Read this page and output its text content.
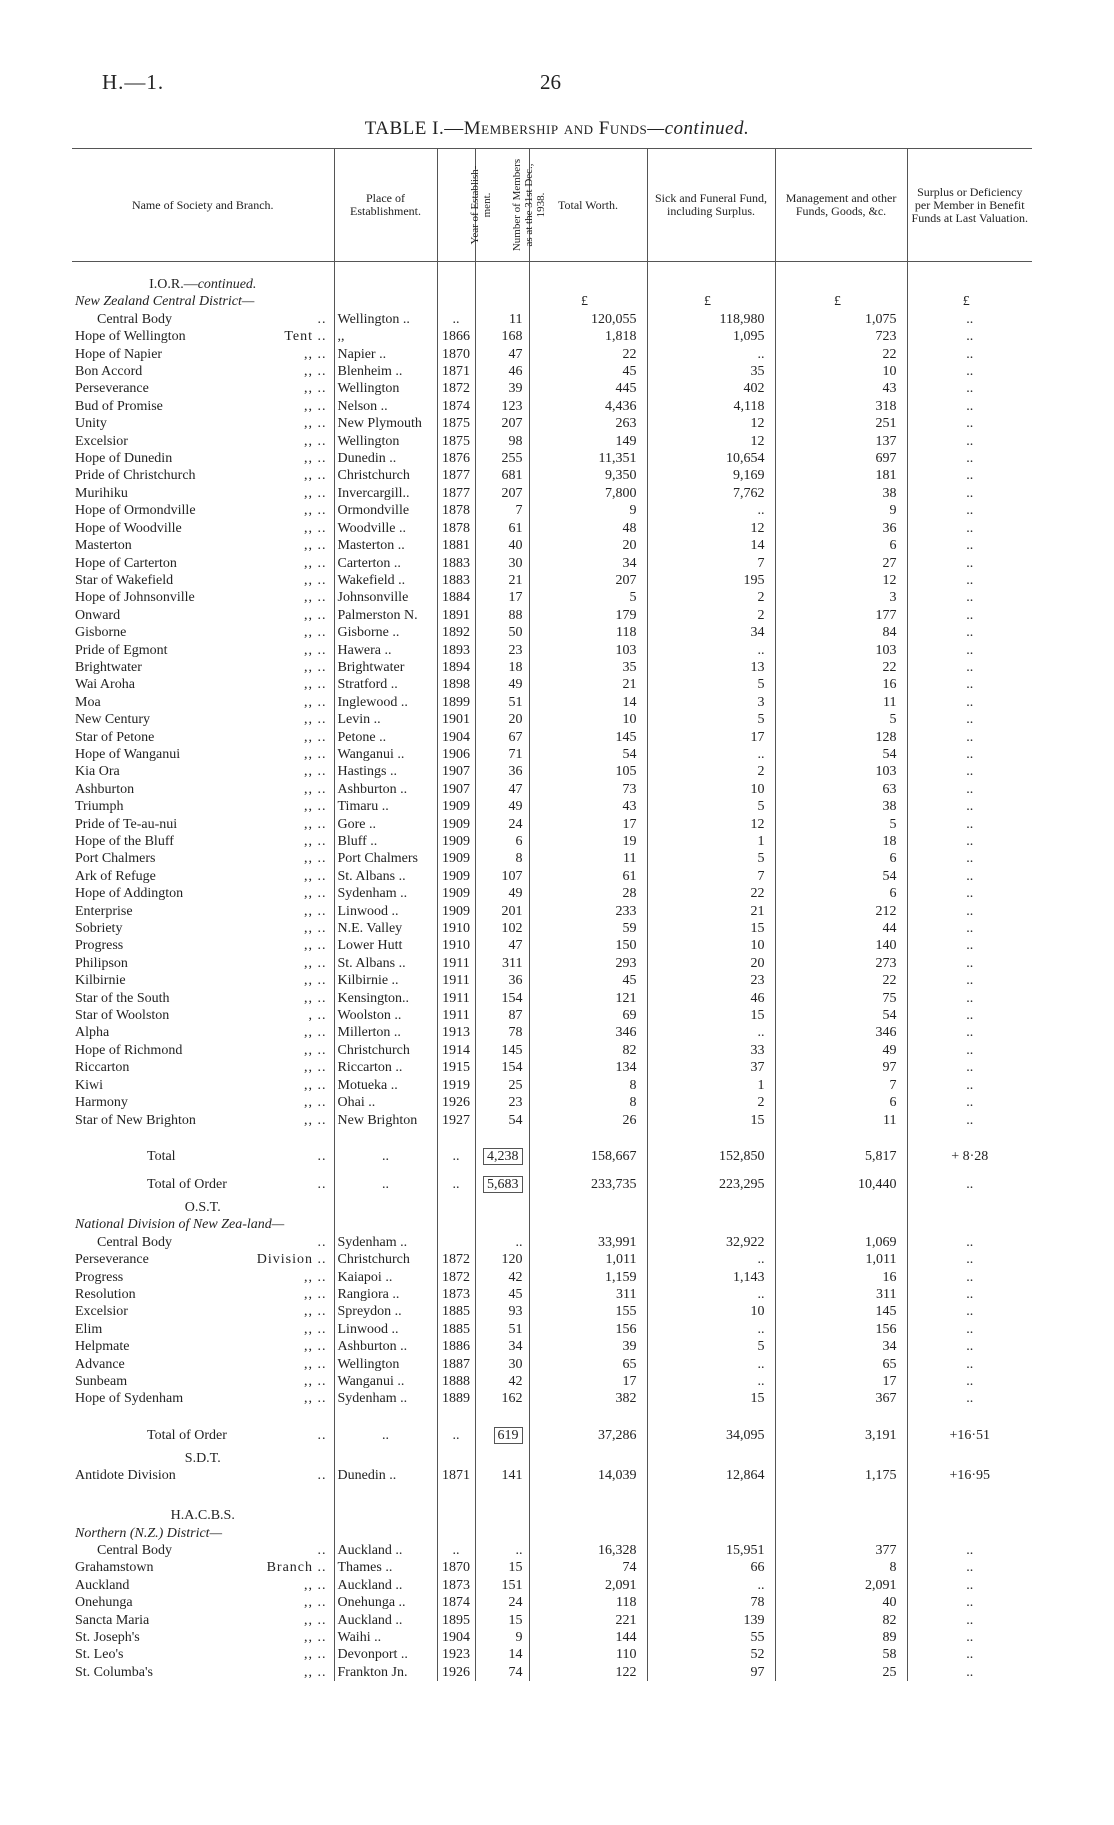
H.—1.	26
TABLE I.—Membership and Funds—continued.
Name of Society and Branch.	Place of Establishment.	Year of Establish-ment.	Number of Members as at the 31st Dec., 1938.	Total Worth.	Sick and Funeral Fund, including Surplus.	Management and other Funds, Goods, &c.	Surplus or Deficiency per Member in Benefit Funds at Last Valuation.

I.O.R.—continued.							
New Zealand Central District—				£	£	£	£

Central Body ..	Wellington ..	..	11	120,055	118,980	1,075	..

Hope of Wellington Tent ..	,,	1866	168	1,818	1,095	723	..

Hope of Napier ,, ..	Napier ..	1870	47	22	..	22	..

Bon Accord ,, ..	Blenheim ..	1871	46	45	35	10	..

Perseverance ,, ..	Wellington	1872	39	445	402	43	..

Bud of Promise ,, ..	Nelson ..	1874	123	4,436	4,118	318	..

Unity ,, ..	New Plymouth	1875	207	263	12	251	..

Excelsior ,, ..	Wellington	1875	98	149	12	137	..

Hope of Dunedin ,, ..	Dunedin ..	1876	255	11,351	10,654	697	..

Pride of Christchurch ,, ..	Christchurch	1877	681	9,350	9,169	181	..

Murihiku ,, ..	Invercargill..	1877	207	7,800	7,762	38	..

Hope of Ormondville ,, ..	Ormondville	1878	7	9	..	9	..

Hope of Woodville ,, ..	Woodville ..	1878	61	48	12	36	..

Masterton ,, ..	Masterton ..	1881	40	20	14	6	..

Hope of Carterton ,, ..	Carterton ..	1883	30	34	7	27	..

Star of Wakefield ,, ..	Wakefield ..	1883	21	207	195	12	..

Hope of Johnsonville ,, ..	Johnsonville	1884	17	5	2	3	..

Onward ,, ..	Palmerston N.	1891	88	179	2	177	..

Gisborne ,, ..	Gisborne ..	1892	50	118	34	84	..

Pride of Egmont ,, ..	Hawera ..	1893	23	103	..	103	..

Brightwater ,, ..	Brightwater	1894	18	35	13	22	..

Wai Aroha ,, ..	Stratford ..	1898	49	21	5	16	..

Moa ,, ..	Inglewood ..	1899	51	14	3	11	..

New Century ,, ..	Levin ..	1901	20	10	5	5	..

Star of Petone ,, ..	Petone ..	1904	67	145	17	128	..

Hope of Wanganui ,, ..	Wanganui ..	1906	71	54	..	54	..

Kia Ora ,, ..	Hastings ..	1907	36	105	2	103	..

Ashburton ,, ..	Ashburton ..	1907	47	73	10	63	..

Triumph ,, ..	Timaru ..	1909	49	43	5	38	..

Pride of Te-au-nui ,, ..	Gore ..	1909	24	17	12	5	..

Hope of the Bluff ,, ..	Bluff ..	1909	6	19	1	18	..

Port Chalmers ,, ..	Port Chalmers	1909	8	11	5	6	..

Ark of Refuge ,, ..	St. Albans ..	1909	107	61	7	54	..

Hope of Addington ,, ..	Sydenham ..	1909	49	28	22	6	..

Enterprise ,, ..	Linwood ..	1909	201	233	21	212	..

Sobriety ,, ..	N.E. Valley	1910	102	59	15	44	..

Progress ,, ..	Lower Hutt	1910	47	150	10	140	..

Philipson ,, ..	St. Albans ..	1911	311	293	20	273	..

Kilbirnie ,, ..	Kilbirnie ..	1911	36	45	23	22	..

Star of the South ,, ..	Kensington..	1911	154	121	46	75	..

Star of Woolston , ..	Woolston ..	1911	87	69	15	54	..

Alpha ,, ..	Millerton ..	1913	78	346	..	346	..

Hope of Richmond ,, ..	Christchurch	1914	145	82	33	49	..

Riccarton ,, ..	Riccarton ..	1915	154	134	37	97	..

Kiwi ,, ..	Motueka ..	1919	25	8	1	7	..

Harmony ,, ..	Ohai ..	1926	23	8	2	6	..

Star of New Brighton ,, ..	New Brighton	1927	54	26	15	11	..

Total ..	..	..	4,238	158,667	152,850	5,817	+ 8·28

Total of Order ..	..	..	5,683	233,735	223,295	10,440	..
O.S.T.							
National Division of New Zea-land—							

Central Body ..	Sydenham ..		..	33,991	32,922	1,069	..

Perseverance Division ..	Christchurch	1872	120	1,011	..	1,011	..

Progress ,, ..	Kaiapoi ..	1872	42	1,159	1,143	16	..

Resolution ,, ..	Rangiora ..	1873	45	311	..	311	..

Excelsior ,, ..	Spreydon ..	1885	93	155	10	145	..

Elim ,, ..	Linwood ..	1885	51	156	..	156	..

Helpmate ,, ..	Ashburton ..	1886	34	39	5	34	..

Advance ,, ..	Wellington	1887	30	65	..	65	..

Sunbeam ,, ..	Wanganui ..	1888	42	17	..	17	..

Hope of Sydenham ,, ..	Sydenham ..	1889	162	382	15	367	..

Total of Order ..	..	..	619	37,286	34,095	3,191	+16·51
S.D.T.							

Antidote Division ..	Dunedin ..	1871	141	14,039	12,864	1,175	+16·95

H.A.C.B.S.							
Northern (N.Z.) District—							

Central Body ..	Auckland ..	..	..	16,328	15,951	377	..

Grahamstown Branch ..	Thames ..	1870	15	74	66	8	..

Auckland ,, ..	Auckland ..	1873	151	2,091	..	2,091	..

Onehunga ,, ..	Onehunga ..	1874	24	118	78	40	..

Sancta Maria ,, ..	Auckland ..	1895	15	221	139	82	..

St. Joseph's ,, ..	Waihi ..	1904	9	144	55	89	..

St. Leo's ,, ..	Devonport ..	1923	14	110	52	58	..

St. Columba's ,, ..	Frankton Jn.	1926	74	122	97	25	..
